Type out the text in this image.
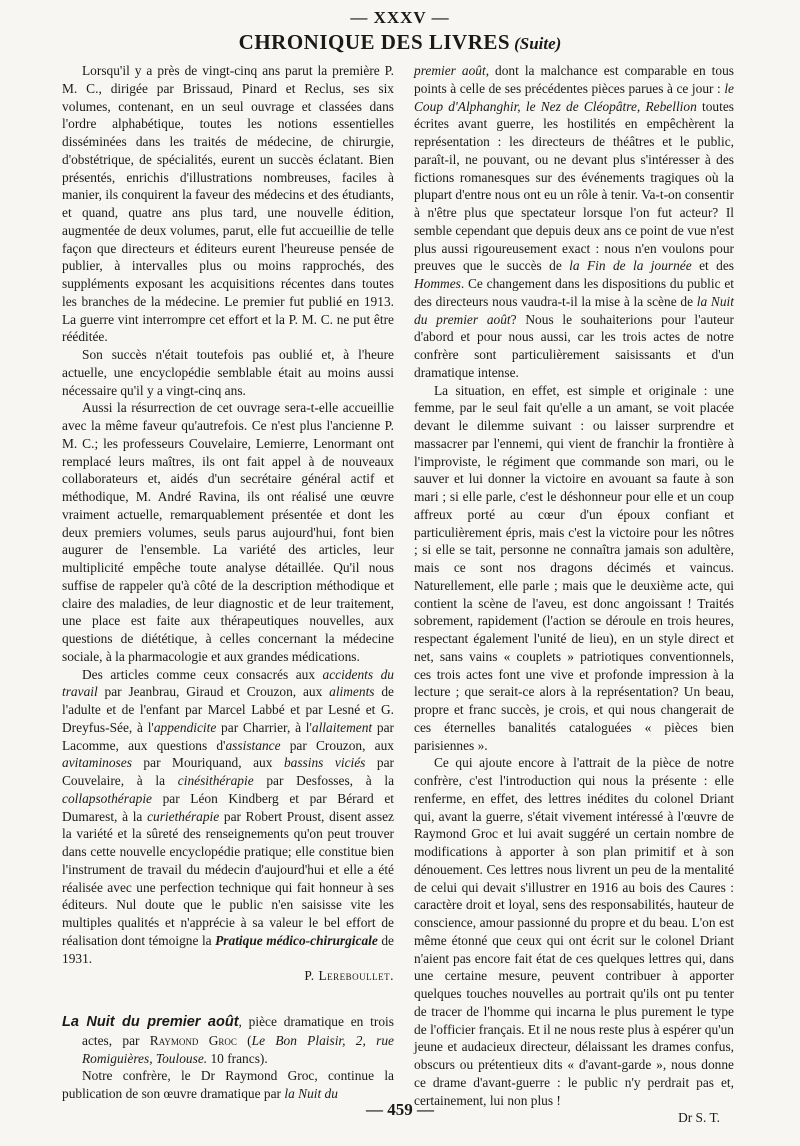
— XXXV —
CHRONIQUE DES LIVRES (Suite)

Lorsqu'il y a près de vingt-cinq ans parut la première P. M. C., dirigée par Brissaud, Pinard et Reclus, ses six volumes, contenant, en un seul ouvrage et classées dans l'ordre alphabétique, toutes les notions essentielles disséminées dans les traités de médecine, de chirurgie, d'obstétrique, de spécialités, eurent un succès éclatant. Bien présentés, enrichis d'illustrations nombreuses, faciles à manier, ils conquirent la faveur des médecins et des étudiants, et quand, quatre ans plus tard, une nouvelle édition, augmentée de deux volumes, parut, elle fut accueillie de telle façon que directeurs et éditeurs eurent l'heureuse pensée de publier, à intervalles plus ou moins rapprochés, des suppléments exposant les acquisitions récentes dans toutes les branches de la médecine. Le premier fut publié en 1913. La guerre vint interrompre cet effort et la P. M. C. ne put être rééditée.

Son succès n'était toutefois pas oublié et, à l'heure actuelle, une encyclopédie semblable était au moins aussi nécessaire qu'il y a vingt-cinq ans.

Aussi la résurrection de cet ouvrage sera-t-elle accueillie avec la même faveur qu'autrefois. Ce n'est plus l'ancienne P. M. C.; les professeurs Couvelaire, Lemierre, Lenormant ont remplacé leurs maîtres, ils ont fait appel à de nouveaux collaborateurs et, aidés d'un secrétaire général actif et méthodique, M. André Ravina, ils ont réalisé une œuvre vraiment actuelle, remarquablement présentée et dont les deux premiers volumes, seuls parus aujourd'hui, font bien augurer de l'ensemble. La variété des articles, leur multiplicité empêche toute analyse détaillée. Qu'il nous suffise de rappeler qu'à côté de la description méthodique et claire des maladies, de leur diagnostic et de leur traitement, une place est faite aux thérapeutiques nouvelles, aux questions de diététique, à celles concernant la médecine sociale, à la pharmacologie et aux grandes médications.

Des articles comme ceux consacrés aux accidents du travail par Jeanbrau, Giraud et Crouzon, aux aliments de l'adulte et de l'enfant par Marcel Labbé et par Lesné et G. Dreyfus-Sée, à l'appendicite par Charrier, à l'allaitement par Lacomme, aux questions d'assistance par Crouzon, aux avitaminoses par Mouriquand, aux bassins viciés par Couvelaire, à la cinésithérapie par Desfosses, à la collapsothérapie par Léon Kindberg et par Bérard et Dumarest, à la curiethérapie par Robert Proust, disent assez la variété et la sûreté des renseignements qu'on peut trouver dans cette nouvelle encyclopédie pratique; elle constitue bien l'instrument de travail du médecin d'aujourd'hui et elle a été réalisée avec une perfection technique qui fait honneur à ses éditeurs. Nul doute que le public n'en saisisse vite les multiples qualités et n'apprécie à sa valeur le bel effort de réalisation dont témoigne la Pratique médico-chirurgicale de 1931.

P. Lereboullet.

La Nuit du premier août, pièce dramatique en trois actes, par Raymond Groc (Le Bon Plaisir, 2, rue Romiguières, Toulouse. 10 francs).

Notre confrère, le Dr Raymond Groc, continue la publication de son œuvre dramatique par la Nuit du

premier août, dont la malchance est comparable en tous points à celle de ses précédentes pièces parues à ce jour : le Coup d'Alphanghir, le Nez de Cléopâtre, Rebellion toutes écrites avant guerre, les hostilités en empêchèrent la représentation : les directeurs de théâtres et le public, paraît-il, ne pouvant, ou ne devant plus s'intéresser à des fictions romanesques sur des événements tragiques où la plupart d'entre nous ont eu un rôle à tenir. Va-t-on consentir à n'être plus que spectateur lorsque l'on fut acteur? Il semble cependant que depuis deux ans ce point de vue n'est plus aussi rigoureusement exact : nous n'en voulons pour preuves que le succès de la Fin de la journée et des Hommes. Ce changement dans les dispositions du public et des directeurs nous vaudra-t-il la mise à la scène de la Nuit du premier août? Nous le souhaiterions pour l'auteur d'abord et pour nous aussi, car les trois actes de notre confrère sont particulièrement saisissants et d'un dramatique intense.

La situation, en effet, est simple et originale : une femme, par le seul fait qu'elle a un amant, se voit placée devant le dilemme suivant : ou laisser surprendre et massacrer par l'ennemi, qui vient de franchir la frontière à l'improviste, le régiment que commande son mari, ou le sauver et lui donner la victoire en avouant sa faute à son mari ; si elle parle, c'est le déshonneur pour elle et un coup affreux porté au cœur d'un époux confiant et particulièrement épris, mais c'est la victoire pour les nôtres ; si elle se tait, personne ne connaîtra jamais son adultère, mais ce sont nos dragons décimés et vaincus. Naturellement, elle parle ; mais que le deuxième acte, qui contient la scène de l'aveu, est donc angoissant ! Traités sobrement, rapidement (l'action se déroule en trois heures, respectant également l'unité de lieu), en un style direct et net, sans vains « couplets » patriotiques conventionnels, ces trois actes font une vive et profonde impression à la lecture ; que serait-ce alors à la représentation? Un beau, propre et franc succès, je crois, et qui nous changerait de ces éternelles banalités cataloguées « pièces bien parisiennes ».

Ce qui ajoute encore à l'attrait de la pièce de notre confrère, c'est l'introduction qui nous la présente : elle renferme, en effet, des lettres inédites du colonel Driant qui, avant la guerre, s'était vivement intéressé à l'œuvre de Raymond Groc et lui avait suggéré un certain nombre de modifications à apporter à son plan primitif et à son dénouement. Ces lettres nous livrent un peu de la mentalité de celui qui devait s'illustrer en 1916 au bois des Caures : caractère droit et loyal, sens des responsabilités, hauteur de conscience, amour passionné du propre et du beau. L'on est même étonné que ceux qui ont écrit sur le colonel Driant n'aient pas encore fait état de ces quelques lettres qui, dans une certaine mesure, peuvent contribuer à apporter quelques touches nouvelles au portrait qu'ils ont pu tenter de tracer de l'homme qui incarna le plus purement le type de l'officier français. Et il ne nous reste plus à espérer qu'un jeune et audacieux directeur, délaissant les drames confus, obscurs ou prétentieux dits « d'avant-garde », nous donne ce drame d'avant-guerre : le public n'y perdrait pas et, certainement, lui non plus !

Dr S. T.

— 459 —
